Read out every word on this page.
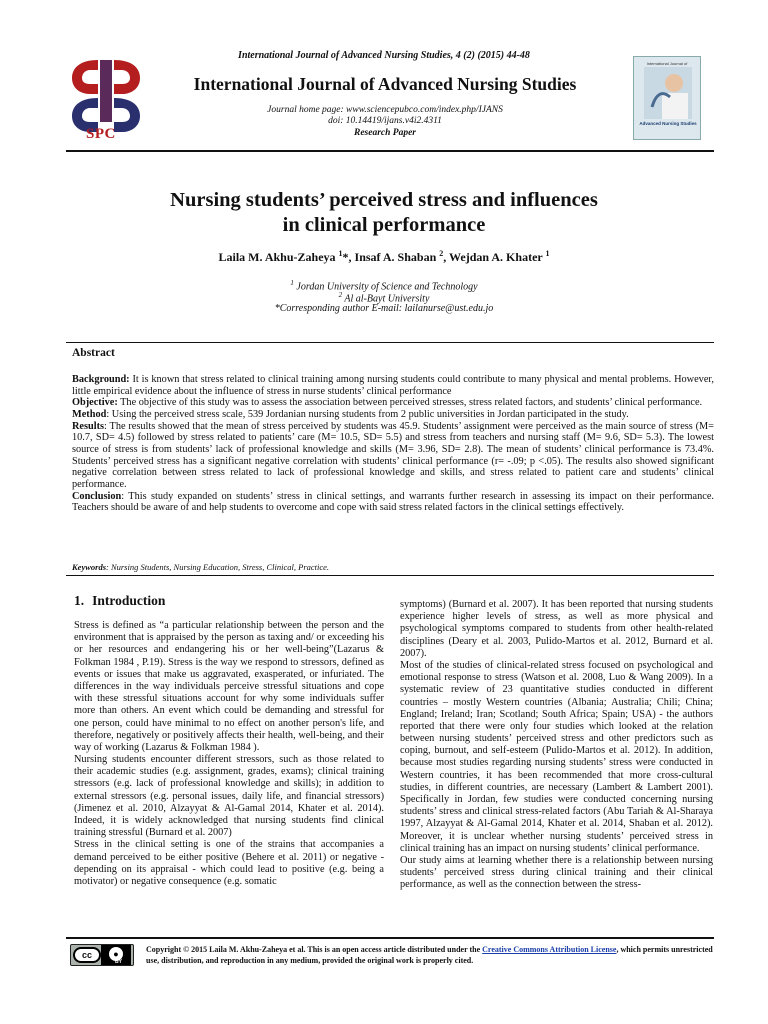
International Journal of Advanced Nursing Studies, 4 (2) (2015) 44-48
SPC
International Journal of Advanced Nursing Studies
Journal home page: www.sciencepubco.com/index.php/IJANS
doi: 10.14419/ijans.v4i2.4311
Research Paper
International Journal of
Advanced Nursing Studies
Nursing students’ perceived stress and influences
in clinical performance
Laila M. Akhu-Zaheya $^1$*, Insaf A. Shaban $^2$, Wejdan A. Khater $^1$
$^1$ Jordan University of Science and Technology
$^2$ Al al-Bayt University
*Corresponding author E-mail: lailanurse@ust.edu.jo
Abstract

Background: It is known that stress related to clinical training among nursing students could contribute to many physical and mental problems. However, little empirical evidence about the influence of stress in nurse students’ clinical performance

Objective: The objective of this study was to assess the association between perceived stresses, stress related factors, and students’ clinical performance.

Method: Using the perceived stress scale, 539 Jordanian nursing students from 2 public universities in Jordan participated in the study.

Results: The results showed that the mean of stress perceived by students was 45.9. Students’ assignment were perceived as the main source of stress (M= 10.7, SD= 4.5) followed by stress related to patients’ care (M= 10.5, SD= 5.5) and stress from teachers and nursing staff (M= 9.6, SD= 5.3). The lowest source of stress is from students’ lack of professional knowledge and skills (M= 3.96, SD= 2.8). The mean of students’ clinical performance is 73.4%. Students’ perceived stress has a significant negative correlation with students’ clinical performance (r= -.09; p <.05). The results also showed significant negative correlation between stress related to lack of professional knowledge and skills, and stress related to patient care and students’ clinical performance.

Conclusion: This study expanded on students’ stress in clinical settings, and warrants further research in assessing its impact on their performance. Teachers should be aware of and help students to overcome and cope with said stress related factors in the clinical settings effectively.

Keywords: Nursing Students, Nursing Education, Stress, Clinical, Practice.
1. Introduction

Stress is defined as “a particular relationship between the person and the environment that is appraised by the person as taxing and/ or exceeding his or her resources and endangering his or her well-being”(Lazarus & Folkman 1984 , P.19). Stress is the way we respond to stressors, defined as events or issues that make us aggravated, exasperated, or infuriated. The differences in the way individuals perceive stressful situations and cope with these stressful situations account for why some individuals suffer more than others. An event which could be demanding and stressful for one person, could have minimal to no effect on another person's life, and therefore, negatively or positively affects their health, well-being, and their way of working (Lazarus & Folkman 1984 ).

Nursing students encounter different stressors, such as those related to their academic studies (e.g. assignment, grades, exams); clinical training stressors (e.g. lack of professional knowledge and skills); in addition to external stressors (e.g. personal issues, daily life, and financial stressors) (Jimenez et al. 2010, Alzayyat & Al-Gamal 2014, Khater et al. 2014). Indeed, it is widely acknowledged that nursing students find clinical training stressful (Burnard et al. 2007)

Stress in the clinical setting is one of the strains that accompanies a demand perceived to be either positive (Behere et al. 2011) or negative - depending on its appraisal - which could lead to positive (e.g. being a motivator) or negative consequence (e.g. somatic

symptoms) (Burnard et al. 2007). It has been reported that nursing students experience higher levels of stress, as well as more physical and psychological symptoms compared to students from other health-related disciplines (Deary et al. 2003, Pulido-Martos et al. 2012, Burnard et al. 2007).

Most of the studies of clinical-related stress focused on psychological and emotional response to stress (Watson et al. 2008, Luo & Wang 2009). In a systematic review of 23 quantitative studies conducted in different countries – mostly Western countries (Albania; Australia; Chili; China; England; Ireland; Iran; Scotland; South Africa; Spain; USA) - the authors reported that there were only four studies which looked at the relation between nursing students’ perceived stress and other predictors such as coping, burnout, and self-esteem (Pulido-Martos et al. 2012). In addition, because most studies regarding nursing students’ stress were conducted in Western countries, it has been recommended that more cross-cultural studies, in different countries, are necessary (Lambert & Lambert 2001). Specifically in Jordan, few studies were conducted concerning nursing students’ stress and clinical stress-related factors (Abu Tariah & Al-Sharaya 1997, Alzayyat & Al-Gamal 2014, Khater et al. 2014, Shaban et al. 2012). Moreover, it is unclear whether nursing students’ perceived stress in clinical training has an impact on nursing students’ clinical performance.

Our study aims at learning whether there is a relationship between nursing students’ perceived stress during clinical training and their clinical performance, as well as the connection between the stress-

cc	●
BY
Copyright © 2015 Laila M. Akhu-Zaheya et al. This is an open access article distributed under the Creative Commons Attribution License, which permits unrestricted use, distribution, and reproduction in any medium, provided the original work is properly cited.
